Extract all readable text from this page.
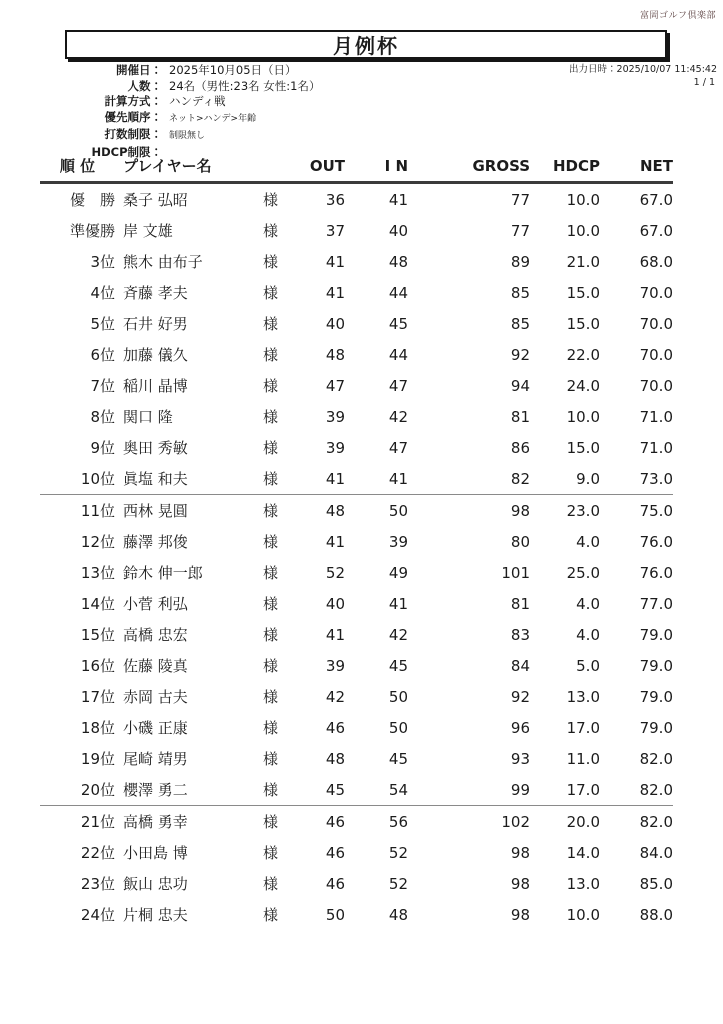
富岡ゴルフ倶楽部
月例杯
出力日時：2025/10/07 11:45:42
1 / 1
開催日： 2025年10月05日（日）
人数： 24名（男性:23名 女性:1名）
計算方式： ハンディ戦
優先順序： ネット>ハンデ>年齢
打数制限： 制限無し
HDCP制限：
順 位	プレイヤー名	OUT	I N	GROSS	HDCP	NET
優　勝 桑子 弘昭	様	36	41	77	10.0	67.0
準優勝 岸 文雄	様	37	40	77	10.0	67.0
3位 熊木 由布子	様	41	48	89	21.0	68.0
4位 斉藤 孝夫	様	41	44	85	15.0	70.0
5位 石井 好男	様	40	45	85	15.0	70.0
6位 加藤 儀久	様	48	44	92	22.0	70.0
7位 稲川 晶博	様	47	47	94	24.0	70.0
8位 関口 隆	様	39	42	81	10.0	71.0
9位 奥田 秀敏	様	39	47	86	15.0	71.0
10位 眞塩 和夫	様	41	41	82	9.0	73.0
11位 西林 晃圓	様	48	50	98	23.0	75.0
12位 藤澤 邦俊	様	41	39	80	4.0	76.0
13位 鈴木 伸一郎	様	52	49	101	25.0	76.0
14位 小菅 利弘	様	40	41	81	4.0	77.0
15位 高橋 忠宏	様	41	42	83	4.0	79.0
16位 佐藤 陵真	様	39	45	84	5.0	79.0
17位 赤岡 古夫	様	42	50	92	13.0	79.0
18位 小磯 正康	様	46	50	96	17.0	79.0
19位 尾崎 靖男	様	48	45	93	11.0	82.0
20位 櫻澤 勇二	様	45	54	99	17.0	82.0
21位 高橋 勇幸	様	46	56	102	20.0	82.0
22位 小田島 博	様	46	52	98	14.0	84.0
23位 飯山 忠功	様	46	52	98	13.0	85.0
24位 片桐 忠夫	様	50	48	98	10.0	88.0
